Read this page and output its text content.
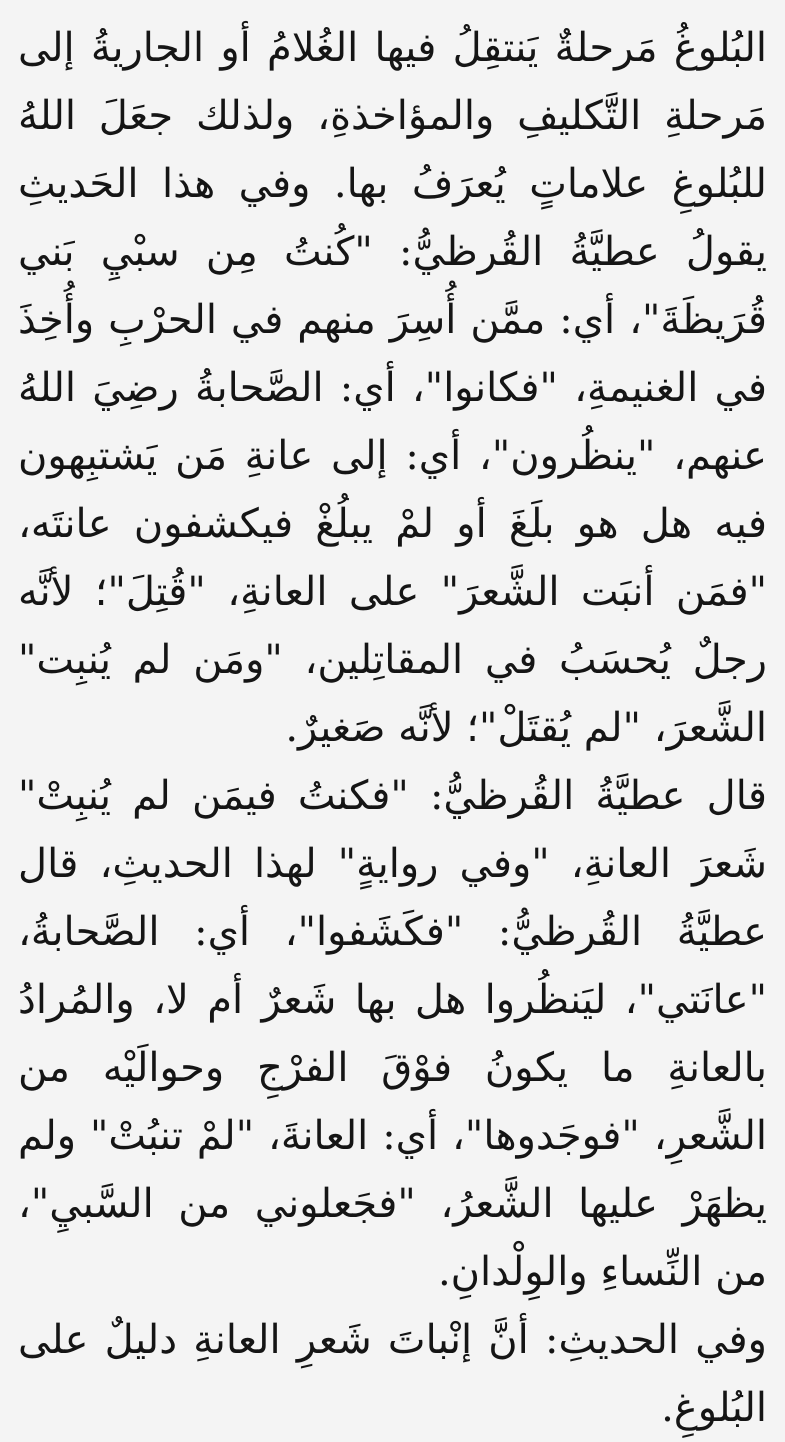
البُلوغُ مَرحلةٌ يَنتقِلُ فيها الغُلامُ أو الجاريةُ إلى مَرحلةِ التَّكليفِ والمؤاخذةِ، ولذلك جعَلَ اللهُ للبُلوغِ علاماتٍ يُعرَفُ بها. وفي هذا الحَديثِ يقولُ عطيَّةُ القُرظيُّ: "كُنتُ مِن سبْيِ بَني قُرَيظَةَ"، أي: ممَّن أُسِرَ منهم في الحرْبِ وأُخِذَ في الغنيمةِ، "فكانوا"، أي: الصَّحابةُ رضِيَ اللهُ عنهم، "ينظُرون"، أي: إلى عانةِ مَن يَشتبِهون فيه هل هو بلَغَ أو لمْ يبلُغْ فيكشفون عانتَه، "فمَن أنبَت الشَّعرَ" على العانةِ، "قُتِلَ"؛ لأنَّه رجلٌ يُحسَبُ في المقاتِلين، "ومَن لم يُنبِت" الشَّعرَ، "لم يُقتَلْ"؛ لأنَّه صَغيرٌ.

قال عطيَّةُ القُرظيُّ: "فكنتُ فيمَن لم يُنبِتْ" شَعرَ العانةِ، "وفي روايةٍ" لهذا الحديثِ، قال عطيَّةُ القُرظيُّ: "فكَشَفوا"، أي: الصَّحابةُ، "عانَتي"، ليَنظُروا هل بها شَعرٌ أم لا، والمُرادُ بالعانةِ ما يكونُ فوْقَ الفرْجِ وحوالَيْه من الشَّعرِ، "فوجَدوها"، أي: العانةَ، "لمْ تنبُتْ" ولم يظهَرْ عليها الشَّعرُ، "فجَعلوني من السَّبيِ"، من النِّساءِ والوِلْدانِ.

وفي الحديثِ: أنَّ إنْباتَ شَعرِ العانةِ دليلٌ على البُلوغِ.
